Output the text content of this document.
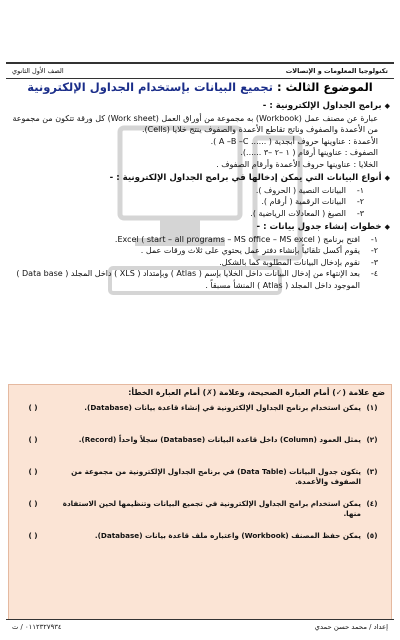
تكنولوجيا المعلومات و الإتصالات
الصف الأول الثانوي
الموضوع الثالث : تجميع البيانات بإستخدام الجداول الإلكترونية
◆
برامج الجداول الإلكترونية :
-
عبارة عن مصنف عمل (Workbook) به مجموعة من أوراق العمل (Work sheet) كل ورقة تتكون من مجموعة من الأعمدة والصفوف وناتج تقاطع الأعمدة والصفوف ينتج خلايا (Cells).
الأعمدة : عناوينها حروف أبجدية ( ...... A –B –C ).
الصفوف : عناوينها أرقام ( ١ –٢ –٣ ......).
الخلايا : عناوينها حروف الأعمدة وأرقام الصفوف .
◆
أنواع البيانات التي يمكن إدخالها في برامج الجداول الإلكترونية :
-
١-
البيانات النصية ( الحروف ).
٢-
البيانات الرقمية ( أرقام ).
٣-
الصيغ ( المعادلات الرياضية ).
◆
خطوات إنشاء جدول بيانات :
-
١-
افتح برنامج Excel ( start – all programs – MS office – MS excel ).
٢-
يقوم أكسل تلقائياً بإنشاء دفتر عمل يحتوي على ثلاث ورقات عمل .
٣-
نقوم بإدخال البيانات المطلوبة كما بالشكل.
٤-
بعد الإنتهاء من إدخال البيانات داخل الخلايا بإسم ( Atlas ) وبإمتداد ( XLS ) داخل المجلد ( Data base ) الموجود داخل المجلد ( Atlas ) المنشأ مسبقاً .
ضع علامة (✓) أمام العبارة الصحيحة، وعلامة (✗) أمام العبارة الخطأ:
(١)
يمكن استخدام برنامج الجداول الإلكترونية في إنشاء قاعدة بيانات (Database).
( )
(٢)
يمثل العمود (Column) داخل قاعدة البيانات (Database) سجلاً واحداً (Record).
( )
(٣)
يتكون جدول البيانات (Data Table) في برنامج الجداول الإلكترونية من مجموعة من الصفوف والأعمدة.
( )
(٤)
يمكن استخدام برامج الجداول الإلكترونية في تجميع البيانات وتنظيمها لحين الاستفادة منها.
( )
(٥)
يمكن حفظ المصنف (Workbook) واعتباره ملف قاعدة بيانات (Database).
( )
إعداد / محمد حسن حمدي
٠١١٢٣٢٧٩٣٤ / ت
